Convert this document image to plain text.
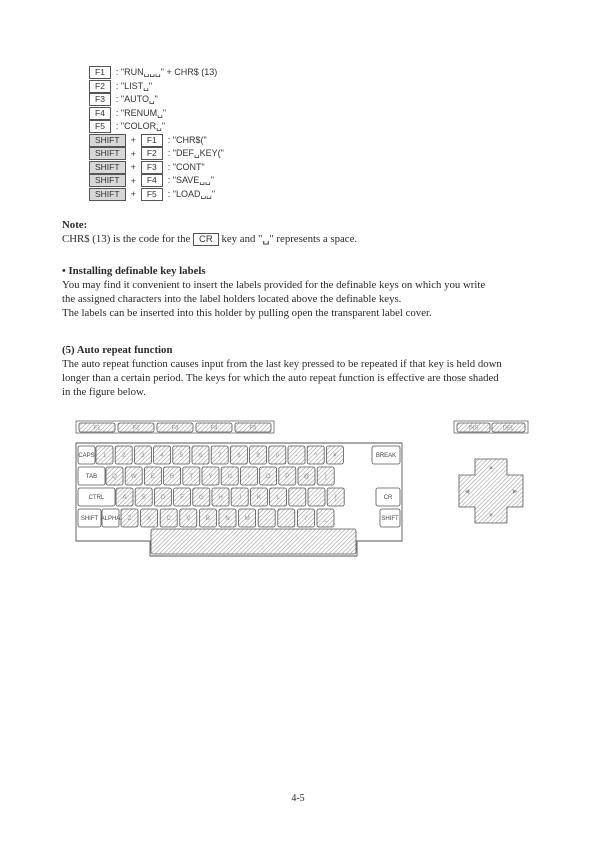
F1	: "RUN␣␣␣" + CHR$ (13)
F2	: "LIST␣"
F3	: "AUTO␣"
F4	: "RENUM␣"
F5	: "COLOR␣"
SHIFT	+	F1	: "CHR$("
SHIFT	+	F2	: "DEF␣KEY("
SHIFT	+	F3	: "CONT"
SHIFT	+	F4	: "SAVE␣␣"
SHIFT	+	F5	: "LOAD␣␣"
Note:
CHR$ (13) is the code for the CR key and "␣" represents a space.
• Installing definable key labels
You may find it convenient to insert the labels provided for the definable keys on which you write
the assigned characters into the label holders located above the definable keys.
The labels can be inserted into this holder by pulling open the transparent label cover.
(5) Auto repeat function
The auto repeat function causes input from the last key pressed to be repeated if that key is held down
longer than a certain period. The keys for which the auto repeat function is effective are those shaded
in the figure below.
F1	F2	F3	F4	F5	INS	DEL
CAPS 1	2	3	4	5	6	7	8	9	0	-	^	¥	BREAK
TAB	Q W E	R	T	Y	U	I	O P @	[
CTRL	A	S	D	F	G H	J	K	L	;	:	]	CR
SHIFT ALPHA Z	X	C	V	B	N M	,	.	/	_	SHIFT
▲
◀	▶
▼
4-5
